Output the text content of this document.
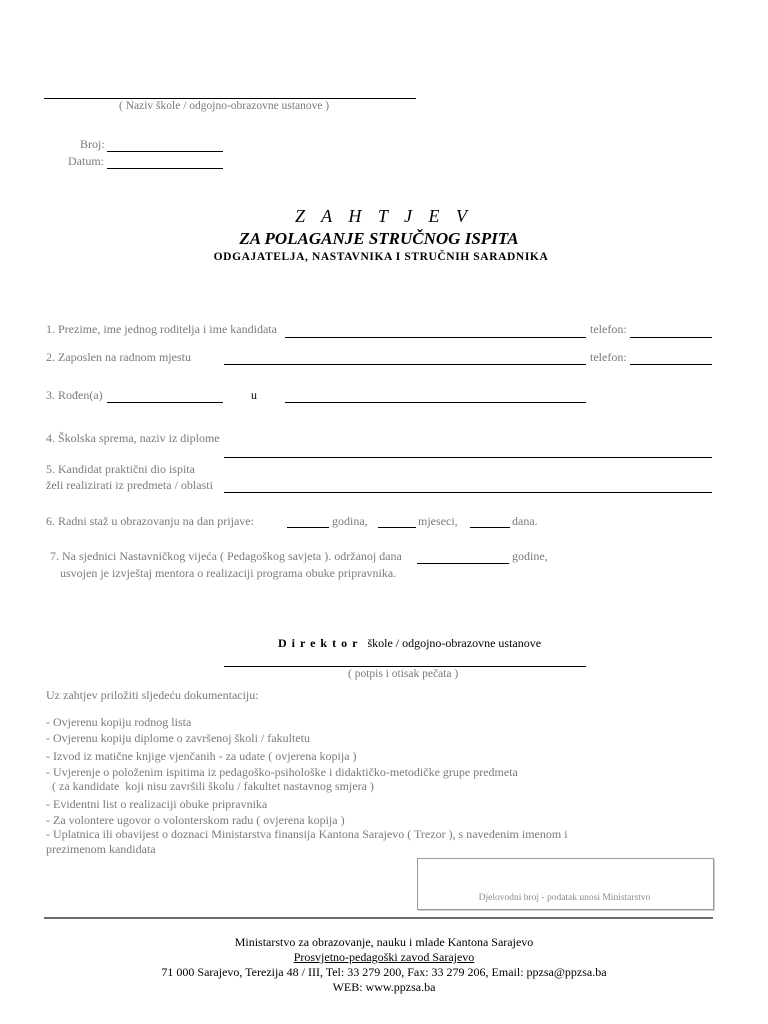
( Naziv škole / odgojno-obrazovne ustanove )
Broj:
Datum:
Z A H T J E V
ZA POLAGANJE STRUČNOG ISPITA
ODGAJATELJA, NASTAVNIKA I STRUČNIH SARADNIKA
1. Prezime, ime jednog roditelja i ime kandidata	telefon:
2. Zaposlen na radnom mjestu	telefon:
3. Rođen(a)	u
4. Školska sprema, naziv iz diplome
5. Kandidat praktični dio ispita
želi realizirati iz predmeta / oblasti
6. Radni staž u obrazovanju na dan prijave:	godina,	mjeseci,	dana.
7. Na sjednici Nastavničkog vijeća ( Pedagoškog savjeta ). održanoj dana	godine,
usvojen je izvještaj mentora o realizaciji programa obuke pripravnika.
D i r e k t o r škole / odgojno-obrazovne ustanove
( potpis i otisak pečata )
Uz zahtjev priložiti sljedeću dokumentaciju:
- Ovjerenu kopiju rodnog lista
- Ovjerenu kopiju diplome o završenoj školi / fakultetu
- Izvod iz matične knjige vjenčanih - za udate ( ovjerena kopija )
- Uvjerenje o položenim ispitima iz pedagoško-psihološke i didaktičko-metodičke grupe predmeta
( za kandidate  koji nisu završili školu / fakultet nastavnog smjera )
- Evidentni list o realizaciji obuke pripravnika
- Za volontere ugovor o volonterskom radu ( ovjerena kopija )
- Uplatnica ili obavijest o doznaci Ministarstva finansija Kantona Sarajevo ( Trezor ), s navedenim imenom i
prezimenom kandidata
Djelovodni broj - podatak unosi Ministarstvo
Ministarstvo za obrazovanje, nauku i mlade Kantona Sarajevo
Prosvjetno-pedagoški zavod Sarajevo
71 000 Sarajevo, Terezija 48 / III, Tel: 33 279 200, Fax: 33 279 206, Email: ppzsa@ppzsa.ba
WEB: www.ppzsa.ba
